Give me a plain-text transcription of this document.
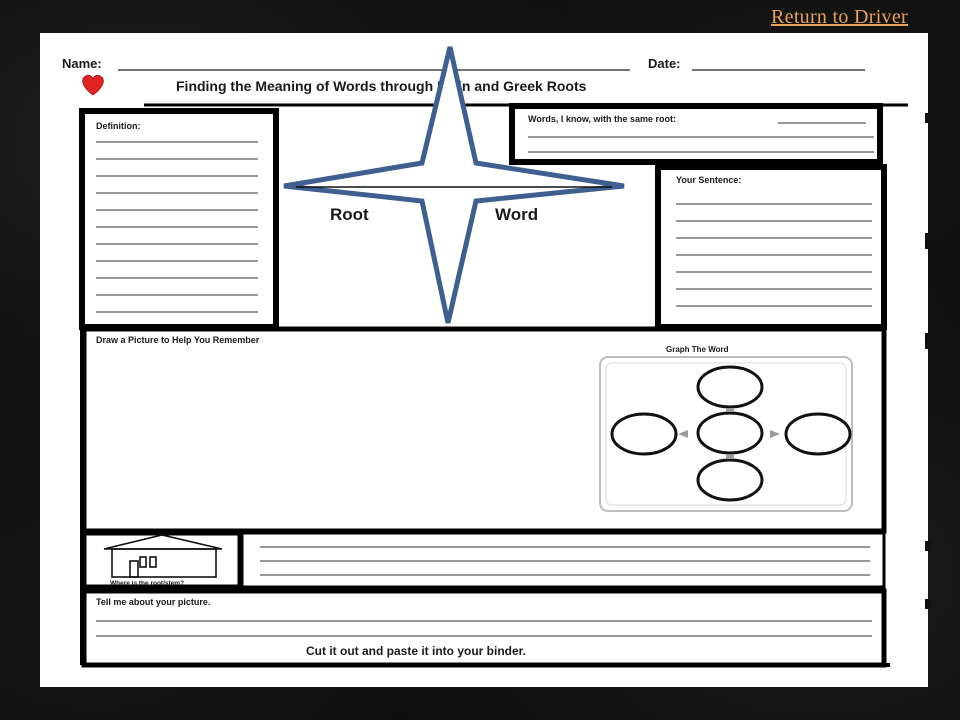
Return to Driver
Name:	Date:
Finding the Meaning of Words through Latin and Greek Roots
Definition:
Words, I know, with the same root:
Your Sentence:
Root	Word
Draw a Picture to Help You Remember
Graph The Word
Where is the root/stem?
Tell me about your picture.
Cut it out and paste it into your binder.
